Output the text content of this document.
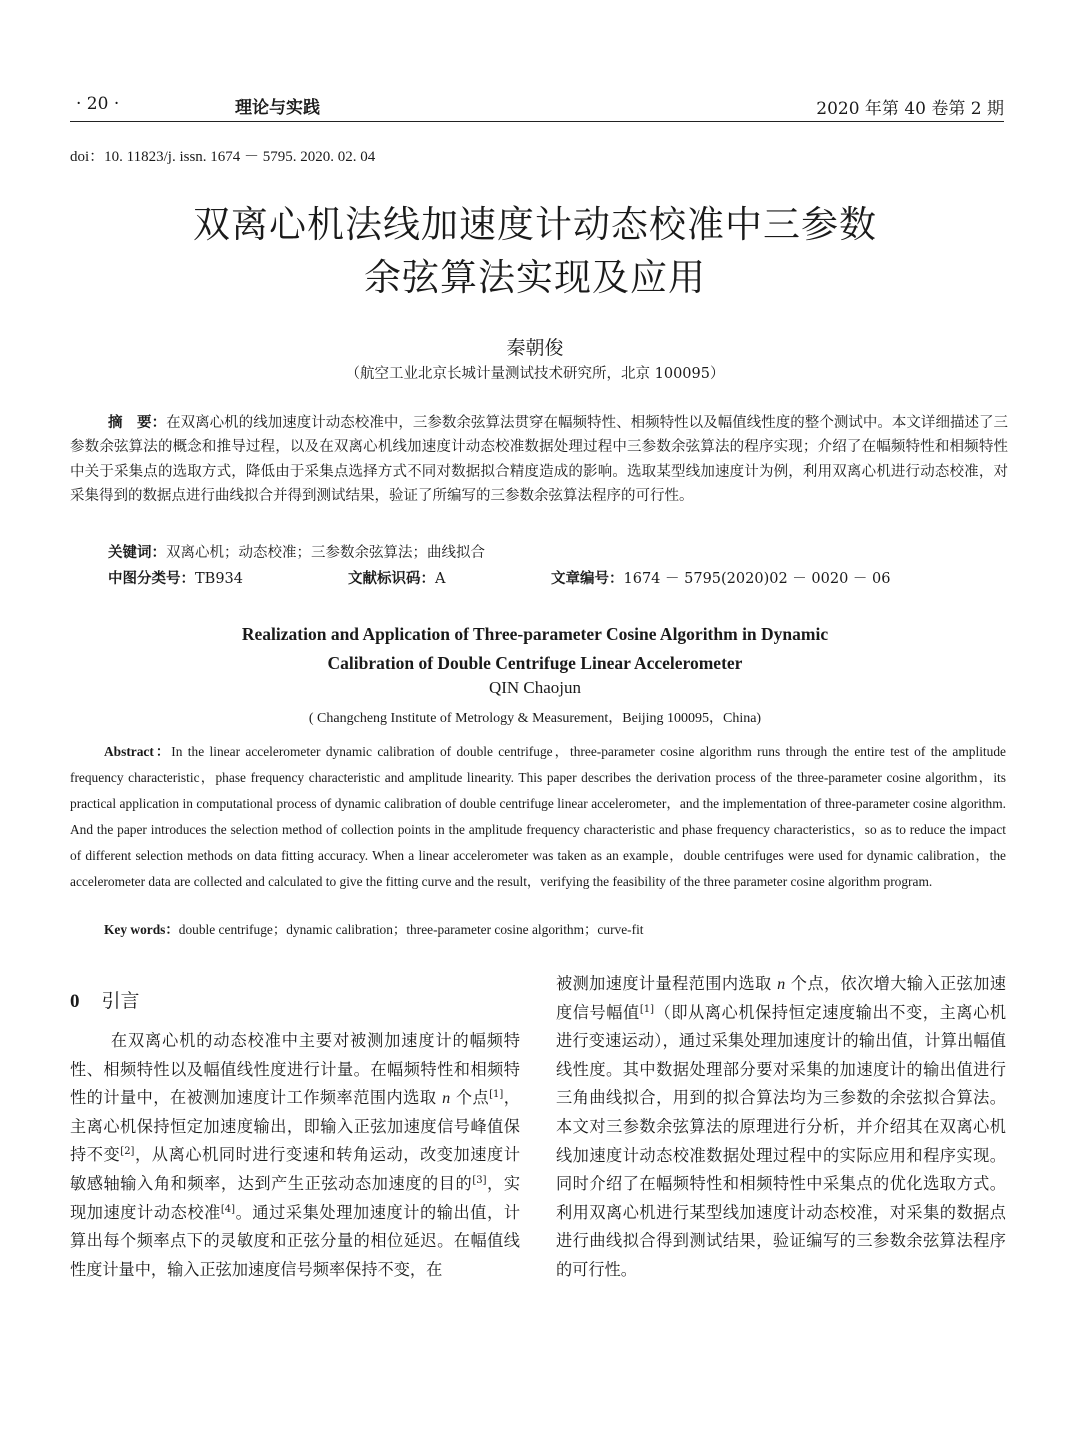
· 20 ·	理论与实践	2020 年第 40 卷第 2 期
doi：10. 11823/j. issn. 1674 － 5795. 2020. 02. 04
双离心机法线加速度计动态校准中三参数
余弦算法实现及应用
秦朝俊
（航空工业北京长城计量测试技术研究所，北京 100095）
摘　要：在双离心机的线加速度计动态校准中，三参数余弦算法贯穿在幅频特性、相频特性以及幅值线性度的整个测试中。本文详细描述了三参数余弦算法的概念和推导过程，以及在双离心机线加速度计动态校准数据处理过程中三参数余弦算法的程序实现；介绍了在幅频特性和相频特性中关于采集点的选取方式，降低由于采集点选择方式不同对数据拟合精度造成的影响。选取某型线加速度计为例，利用双离心机进行动态校准，对采集得到的数据点进行曲线拟合并得到测试结果，验证了所编写的三参数余弦算法程序的可行性。
关键词：双离心机；动态校准；三参数余弦算法；曲线拟合
中图分类号：TB934	文献标识码：A	文章编号：1674 － 5795(2020)02 － 0020 － 06
Realization and Application of Three-parameter Cosine Algorithm in Dynamic
Calibration of Double Centrifuge Linear Accelerometer
QIN Chaojun
( Changcheng Institute of Metrology & Measurement，Beijing 100095，China)
Abstract：In the linear accelerometer dynamic calibration of double centrifuge，three-parameter cosine algorithm runs through the entire test of the amplitude frequency characteristic，phase frequency characteristic and amplitude linearity. This paper describes the derivation process of the three-parameter cosine algorithm，its practical application in computational process of dynamic calibration of double centrifuge linear accelerometer，and the implementation of three-parameter cosine algorithm. And the paper introduces the selection method of collection points in the amplitude frequency characteristic and phase frequency characteristics，so as to reduce the impact of different selection methods on data fitting accuracy. When a linear accelerometer was taken as an example，double centrifuges were used for dynamic calibration，the accelerometer data are collected and calculated to give the fitting curve and the result，verifying the feasibility of the three parameter cosine algorithm program.
Key words：double centrifuge；dynamic calibration；three-parameter cosine algorithm；curve-fit
0 引言
在双离心机的动态校准中主要对被测加速度计的幅频特性、相频特性以及幅值线性度进行计量。在幅频特性和相频特性的计量中，在被测加速度计工作频率范围内选取 n 个点[1]，主离心机保持恒定加速度输出，即输入正弦加速度信号峰值保持不变[2]，从离心机同时进行变速和转角运动，改变加速度计敏感轴输入角和频率，达到产生正弦动态加速度的目的[3]，实现加速度计动态校准[4]。通过采集处理加速度计的输出值，计算出每个频率点下的灵敏度和正弦分量的相位延迟。在幅值线性度计量中，输入正弦加速度信号频率保持不变，在
被测加速度计量程范围内选取 n 个点，依次增大输入正弦加速度信号幅值[1]（即从离心机保持恒定速度输出不变，主离心机进行变速运动），通过采集处理加速度计的输出值，计算出幅值线性度。其中数据处理部分要对采集的加速度计的输出值进行三角曲线拟合，用到的拟合算法均为三参数的余弦拟合算法。本文对三参数余弦算法的原理进行分析，并介绍其在双离心机线加速度计动态校准数据处理过程中的实际应用和程序实现。同时介绍了在幅频特性和相频特性中采集点的优化选取方式。利用双离心机进行某型线加速度计动态校准，对采集的数据点进行曲线拟合得到测试结果，验证编写的三参数余弦算法程序的可行性。
